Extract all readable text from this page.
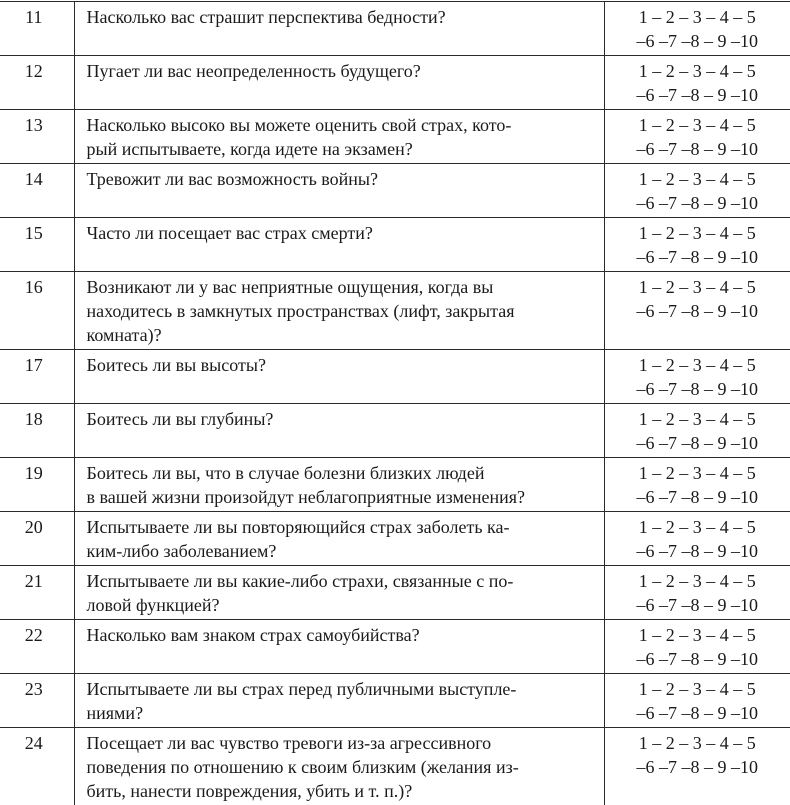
11	Насколько вас страшит перспектива бедности?	1 – 2 – 3 – 4 – 5
–6 –7 –8 – 9 –10

12	Пугает ли вас неопределенность будущего?	1 – 2 – 3 – 4 – 5
–6 –7 –8 – 9 –10

13	Насколько высоко вы можете оценить свой страх, кото-
рый испытываете, когда идете на экзамен?	1 – 2 – 3 – 4 – 5
–6 –7 –8 – 9 –10

14	Тревожит ли вас возможность войны?	1 – 2 – 3 – 4 – 5
–6 –7 –8 – 9 –10

15	Часто ли посещает вас страх смерти?	1 – 2 – 3 – 4 – 5
–6 –7 –8 – 9 –10

16	Возникают ли у вас неприятные ощущения, когда вы
находитесь в замкнутых пространствах (лифт, закрытая
комната)?	1 – 2 – 3 – 4 – 5
–6 –7 –8 – 9 –10

17	Боитесь ли вы высоты?	1 – 2 – 3 – 4 – 5
–6 –7 –8 – 9 –10

18	Боитесь ли вы глубины?	1 – 2 – 3 – 4 – 5
–6 –7 –8 – 9 –10

19	Боитесь ли вы, что в случае болезни близких людей
в вашей жизни произойдут неблагоприятные изменения?	1 – 2 – 3 – 4 – 5
–6 –7 –8 – 9 –10

20	Испытываете ли вы повторяющийся страх заболеть ка-
ким-либо заболеванием?	1 – 2 – 3 – 4 – 5
–6 –7 –8 – 9 –10

21	Испытываете ли вы какие-либо страхи, связанные с по-
ловой функцией?	1 – 2 – 3 – 4 – 5
–6 –7 –8 – 9 –10

22	Насколько вам знаком страх самоубийства?	1 – 2 – 3 – 4 – 5
–6 –7 –8 – 9 –10

23	Испытываете ли вы страх перед публичными выступле-
ниями?	1 – 2 – 3 – 4 – 5
–6 –7 –8 – 9 –10

24	Посещает ли вас чувство тревоги из-за агрессивного
поведения по отношению к своим близким (желания из-
бить, нанести повреждения, убить и т. п.)?	1 – 2 – 3 – 4 – 5
–6 –7 –8 – 9 –10
